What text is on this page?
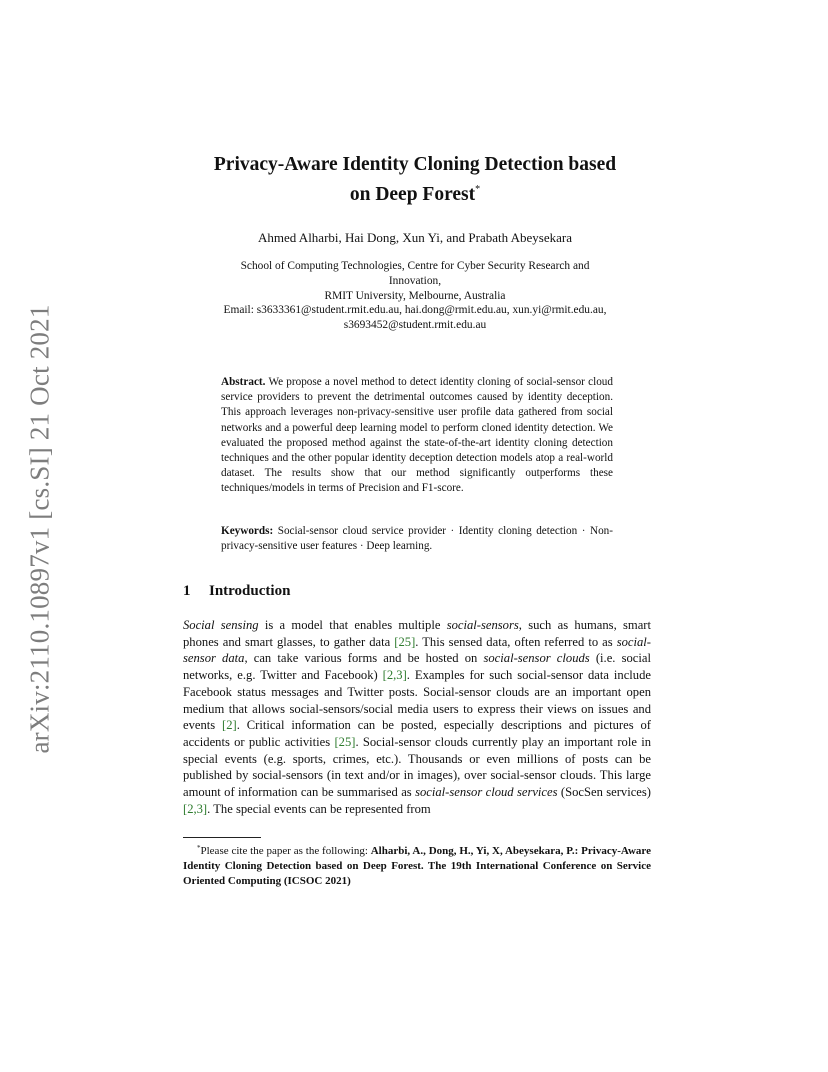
arXiv:2110.10897v1 [cs.SI] 21 Oct 2021
Privacy-Aware Identity Cloning Detection based
on Deep Forest*
Ahmed Alharbi, Hai Dong, Xun Yi, and Prabath Abeysekara
School of Computing Technologies, Centre for Cyber Security Research and
Innovation,
RMIT University, Melbourne, Australia
Email: s3633361@student.rmit.edu.au, hai.dong@rmit.edu.au, xun.yi@rmit.edu.au,
s3693452@student.rmit.edu.au
Abstract. We propose a novel method to detect identity cloning of social-sensor cloud service providers to prevent the detrimental outcomes caused by identity deception. This approach leverages non-privacy-sensitive user profile data gathered from social networks and a powerful deep learning model to perform cloned identity detection. We evaluated the proposed method against the state-of-the-art identity cloning detection techniques and the other popular identity deception detection models atop a real-world dataset. The results show that our method significantly outperforms these techniques/models in terms of Precision and F1-score.
Keywords: Social-sensor cloud service provider · Identity cloning detection · Non-privacy-sensitive user features · Deep learning.
1 Introduction
Social sensing is a model that enables multiple social-sensors, such as humans, smart phones and smart glasses, to gather data [25]. This sensed data, often referred to as social-sensor data, can take various forms and be hosted on social-sensor clouds (i.e. social networks, e.g. Twitter and Facebook) [2,3]. Examples for such social-sensor data include Facebook status messages and Twitter posts. Social-sensor clouds are an important open medium that allows social-sensors/social media users to express their views on issues and events [2]. Critical information can be posted, especially descriptions and pictures of accidents or public activities [25]. Social-sensor clouds currently play an important role in special events (e.g. sports, crimes, etc.). Thousands or even millions of posts can be published by social-sensors (in text and/or in images), over social-sensor clouds. This large amount of information can be summarised as social-sensor cloud services (SocSen services) [2,3]. The special events can be represented from
*Please cite the paper as the following: Alharbi, A., Dong, H., Yi, X, Abeysekara, P.: Privacy-Aware Identity Cloning Detection based on Deep Forest. The 19th International Conference on Service Oriented Computing (ICSOC 2021)
